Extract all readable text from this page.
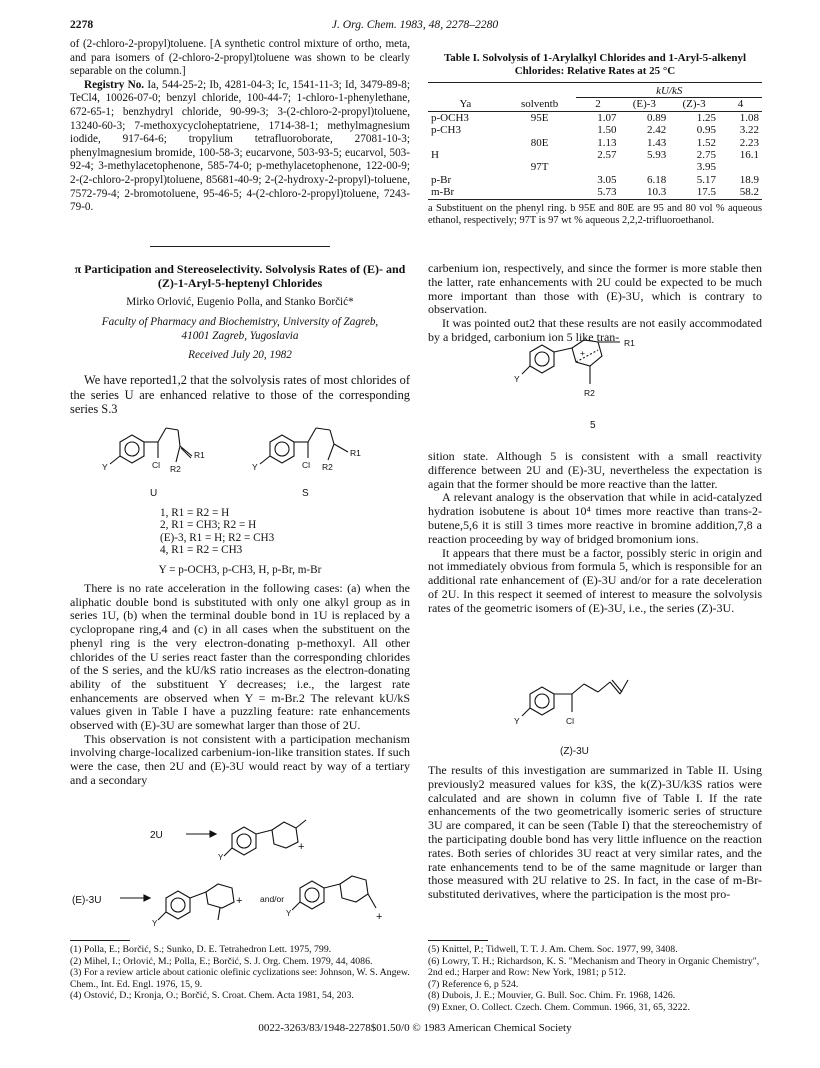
2278	J. Org. Chem. 1983, 48, 2278–2280

of (2-chloro-2-propyl)toluene. [A synthetic control mixture of ortho, meta, and para isomers of (2-chloro-2-propyl)toluene was shown to be clearly separable on the column.]

Registry No. Ia, 544-25-2; Ib, 4281-04-3; Ic, 1541-11-3; Id, 3479-89-8; TeCl4, 10026-07-0; benzyl chloride, 100-44-7; 1-chloro-1-phenylethane, 672-65-1; benzhydryl chloride, 90-99-3; 3-(2-chloro-2-propyl)toluene, 13240-60-3; 7-methoxycycloheptatriene, 1714-38-1; methylmagnesium iodide, 917-64-6; tropylium tetrafluoroborate, 27081-10-3; phenylmagnesium bromide, 100-58-3; eucarvone, 503-93-5; eucarvol, 503-92-4; 3-methylacetophenone, 585-74-0; p-methylacetophenone, 122-00-9; 2-(2-chloro-2-propyl)toluene, 85681-40-9; 2-(2-hydroxy-2-propyl)-toluene, 7572-79-4; 2-bromotoluene, 95-46-5; 4-(2-chloro-2-propyl)toluene, 7243-79-0.

π Participation and Stereoselectivity. Solvolysis Rates of (E)- and (Z)-1-Aryl-5-heptenyl Chlorides
Mirko Orlović, Eugenio Polla, and Stanko Borčić*
Faculty of Pharmacy and Biochemistry, University of Zagreb, 41001 Zagreb, Yugoslavia
Received July 20, 1982

We have reported1,2 that the solvolysis rates of most chlorides of the series U are enhanced relative to those of the corresponding series S.3

Cl
R1
R2
Y	Cl
R1
R2
Y
U	S

1, R1 = R2 = H

2, R1 = CH3; R2 = H

(E)-3, R1 = H; R2 = CH3

4, R1 = R2 = CH3

Y = p-OCH3, p-CH3, H, p-Br, m-Br

There is no rate acceleration in the following cases: (a) when the aliphatic double bond is substituted with only one alkyl group as in series 1U, (b) when the terminal double bond in 1U is replaced by a cyclopropane ring,4 and (c) in all cases when the substituent on the phenyl ring is the very electron-donating p-methoxyl. All other chlorides of the U series react faster than the corresponding chlorides of the S series, and the kU/kS ratio increases as the electron-donating ability of the substituent Y decreases; i.e., the largest rate enhancements are observed when Y = m-Br.2 The relevant kU/kS values given in Table I have a puzzling feature: rate enhancements observed with (E)-3U are somewhat larger than those of 2U.

This observation is not consistent with a participation mechanism involving charge-localized carbenium-ion-like transition states. If such were the case, then 2U and (E)-3U would react by way of a tertiary and a secondary

2U
(E)-3U	and/or
Y
Y
Y
+
+
+

(1) Polla, E.; Borčić, S.; Sunko, D. E. Tetrahedron Lett. 1975, 799.

(2) Mihel, I.; Orlović, M.; Polla, E.; Borčić, S. J. Org. Chem. 1979, 44, 4086.

(3) For a review article about cationic olefinic cyclizations see: Johnson, W. S. Angew. Chem., Int. Ed. Engl. 1976, 15, 9.

(4) Ostović, D.; Kronja, O.; Borčić, S. Croat. Chem. Acta 1981, 54, 203.

Table I. Solvolysis of 1-Arylalkyl Chlorides and 1-Aryl-5-alkenyl Chlorides: Relative Rates at 25 °C
		kU/kS			
Ya	solventb	2	(E)-3	(Z)-3	4
p-OCH3	95E	1.07	0.89	1.25	1.08
p-CH3		1.50	2.42	0.95	3.22
	80E	1.13	1.43	1.52	2.23
H		2.57	5.93	2.75	16.1
	97T			3.95	
p-Br		3.05	6.18	5.17	18.9
m-Br		5.73	10.3	17.5	58.2
a Substituent on the phenyl ring. b 95E and 80E are 95 and 80 vol % aqueous ethanol, respectively; 97T is 97 wt % aqueous 2,2,2-trifluoroethanol.

carbenium ion, respectively, and since the former is more stable then the latter, rate enhancements with 2U could be expected to be much more important than those with (E)-3U, which is contrary to observation.

It was pointed out2 that these results are not easily accommodated by a bridged, carbonium ion 5 like tran- R1
R2
Y
+
5

sition state. Although 5 is consistent with a small reactivity difference between 2U and (E)-3U, nevertheless the expectation is again that the former should be more reactive than the latter.

A relevant analogy is the observation that while in acid-catalyzed hydration isobutene is about 10⁴ times more reactive than trans-2-butene,5,6 it is still 3 times more reactive in bromine addition,7,8 a reaction proceeding by way of bridged bromonium ions.

It appears that there must be a factor, possibly steric in origin and not immediately obvious from formula 5, which is responsible for an additional rate enhancement of (E)-3U and/or for a rate deceleration of 2U. In this respect it seemed of interest to measure the solvolysis rates of the geometric isomers of (E)-3U, i.e., the series (Z)-3U.

Cl
Y
(Z)-3U

The results of this investigation are summarized in Table II. Using previously2 measured values for k3S, the k(Z)-3U/k3S ratios were calculated and are shown in column five of Table I. If the rate enhancements of the two geometrically isomeric series of structure 3U are compared, it can be seen (Table I) that the stereochemistry of the participating double bond has very little influence on the reaction rates. Both series of chlorides 3U react at very similar rates, and the rate enhancements tend to be of the same magnitude or larger than those measured with 2U relative to 2S. In fact, in the case of m-Br-substituted derivatives, where the participation is the most pro-

(5) Knittel, P.; Tidwell, T. T. J. Am. Chem. Soc. 1977, 99, 3408.

(6) Lowry, T. H.; Richardson, K. S. "Mechanism and Theory in Organic Chemistry", 2nd ed.; Harper and Row: New York, 1981; p 512.

(7) Reference 6, p 524.

(8) Dubois, J. E.; Mouvier, G. Bull. Soc. Chim. Fr. 1968, 1426.

(9) Exner, O. Collect. Czech. Chem. Commun. 1966, 31, 65, 3222.

0022-3263/83/1948-2278$01.50/0 © 1983 American Chemical Society
